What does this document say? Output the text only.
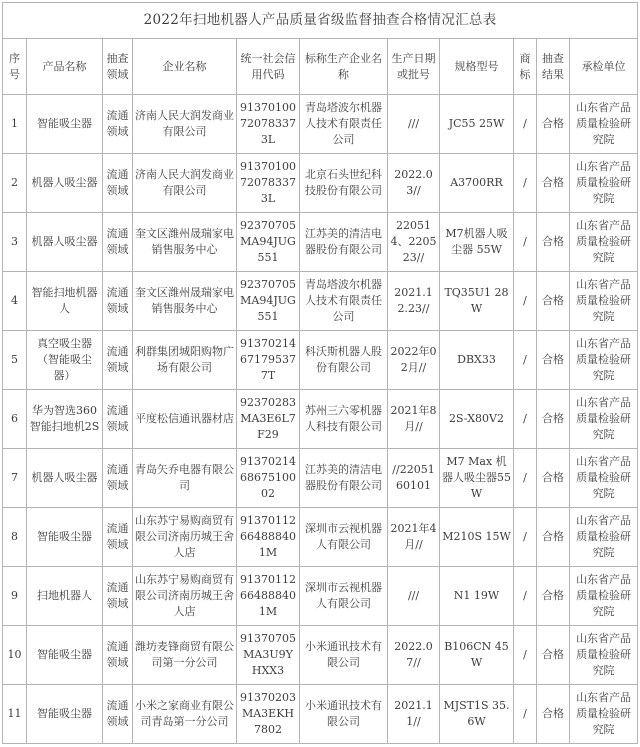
2022年扫地机器人产品质量省级监督抽查合格情况汇总表										
序号	产品名称	抽查领域	企业名称	统一社会信用代码	标称生产企业名称	生产日期或批号	规格型号	商标	抽查结果	承检单位
1	智能吸尘器	流通领域	济南人民大润发商业有限公司	91370100720783373L	青岛塔波尔机器人技术有限责任公司	///	JC55 25W	/	合格	山东省产品质量检验研究院
2	机器人吸尘器	流通领域	济南人民大润发商业有限公司	91370100720783373L	北京石头世纪科技股份有限公司	2022.03//	A3700RR	/	合格	山东省产品质量检验研究院
3	机器人吸尘器	流通领域	奎文区潍州晟瑞家电销售服务中心	92370705MA94JUG551	江苏美的清洁电器股份有限公司	220514、220523//	M7机器人吸尘器 55W	/	合格	山东省产品质量检验研究院
4	智能扫地机器人	流通领域	奎文区潍州晟瑞家电销售服务中心	92370705MA94JUG551	青岛塔波尔机器人技术有限责任公司	2021.12.23//	TQ35U1 28W	/	合格	山东省产品质量检验研究院
5	真空吸尘器（智能吸尘器）	流通领域	利群集团城阳购物广场有限公司	91370214671795377T	科沃斯机器人股份有限公司	2022年02月//	DBX33	/	合格	山东省产品质量检验研究院
6	华为智选360智能扫地机2S	流通领域	平度松信通讯器材店	92370283MA3E6L7F29	苏州三六零机器人科技有限公司	2021年8月//	2S-X80V2	/	合格	山东省产品质量检验研究院
7	机器人吸尘器	流通领域	青岛矢乔电器有限公司	913702146867510002	江苏美的清洁电器股份有限公司	//2205160101	M7 Max 机器人吸尘器55W	/	合格	山东省产品质量检验研究院
8	智能吸尘器	流通领域	山东苏宁易购商贸有限公司济南历城王舍人店	91370112664888401M	深圳市云视机器人有限公司	2021年4月//	M210S 15W	/	合格	山东省产品质量检验研究院
9	扫地机器人	流通领域	山东苏宁易购商贸有限公司济南历城王舍人店	91370112664888401M	深圳市云视机器人有限公司	///	N1 19W	/	合格	山东省产品质量检验研究院
10	智能吸尘器	流通领域	潍坊麦锋商贸有限公司第一分公司	91370705MA3U9YHXX3	小米通讯技术有限公司	2022.07//	B106CN 45W	/	合格	山东省产品质量检验研究院
11	智能吸尘器	流通领域	小米之家商业有限公司青岛第一分公司	91370203MA3EKH7802	小米通讯技术有限公司	2021.11//	MJST1S 35.6W	/	合格	山东省产品质量检验研究院
